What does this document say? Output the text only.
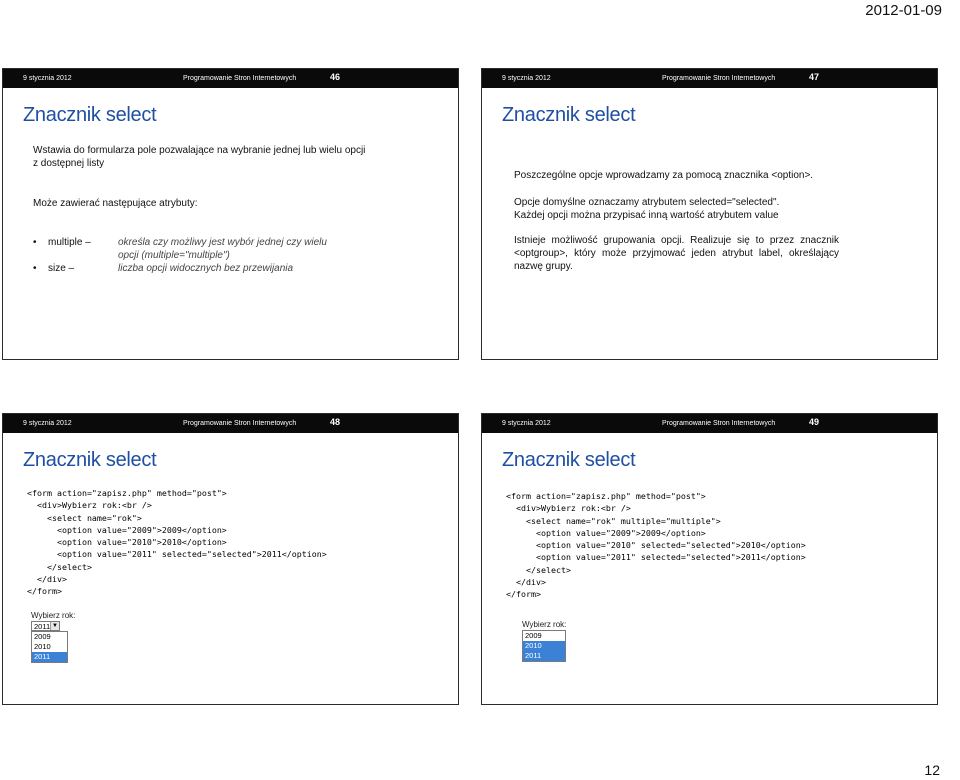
2012-01-09
9 stycznia 2012	Programowanie Stron Internetowych	46
Znacznik select
Wstawia do formularza pole pozwalające na wybranie jednej lub wielu opcji z dostępnej listy
Może zawierać następujące atrybuty:
• multiple –	określa czy możliwy jest wybór jednej czy wielu
opcji (multiple="multiple")
• size –	liczba opcji widocznych bez przewijania
9 stycznia 2012	Programowanie Stron Internetowych	47
Znacznik select
Poszczególne opcje wprowadzamy za pomocą znacznika <option>.
Opcje domyślne oznaczamy atrybutem selected="selected".
Każdej opcji można przypisać inną wartość atrybutem value
Istnieje możliwość grupowania opcji. Realizuje się to przez znacznik <optgroup>, który może przyjmować jeden atrybut label, określający nazwę grupy.
9 stycznia 2012	Programowanie Stron Internetowych	48
Znacznik select
<form action="zapisz.php" method="post">
<div>Wybierz rok:<br />
<select name="rok">
<option value="2009">2009</option>
<option value="2010">2010</option>
<option value="2011" selected="selected">2011</option>
</select>
</div>
</form>
Wybierz rok:
2011 ▼
2009
2010
2011
9 stycznia 2012	Programowanie Stron Internetowych	49
Znacznik select
<form action="zapisz.php" method="post">
<div>Wybierz rok:<br />
<select name="rok" multiple="multiple">
<option value="2009">2009</option>
<option value="2010" selected="selected">2010</option>
<option value="2011" selected="selected">2011</option>
</select>
</div>
</form>
Wybierz rok:
2009
2010
2011
12
